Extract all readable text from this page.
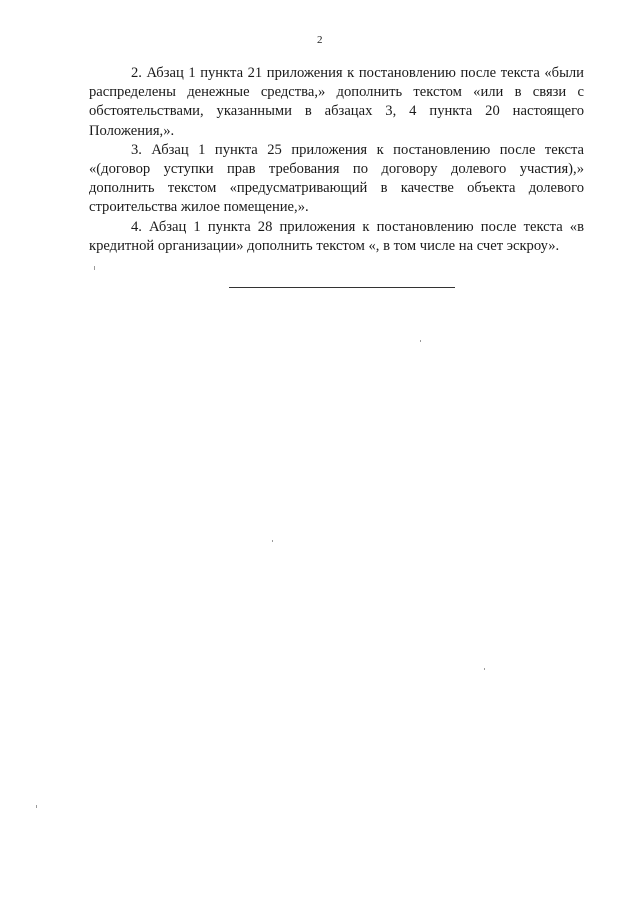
2

2. Абзац 1 пункта 21 приложения к постановлению после текста «были распределены денежные средства,» дополнить текстом «или в связи с обстоятельствами, указанными в абзацах 3, 4 пункта 20 настоящего Положения,».

3. Абзац 1 пункта 25 приложения к постановлению после текста «(договор уступки прав требования по договору долевого участия),» дополнить текстом «предусматривающий в качестве объекта долевого строительства жилое помещение,».

4. Абзац 1 пункта 28 приложения к постановлению после текста «в кредитной организации» дополнить текстом «, в том числе на счет эскроу».
